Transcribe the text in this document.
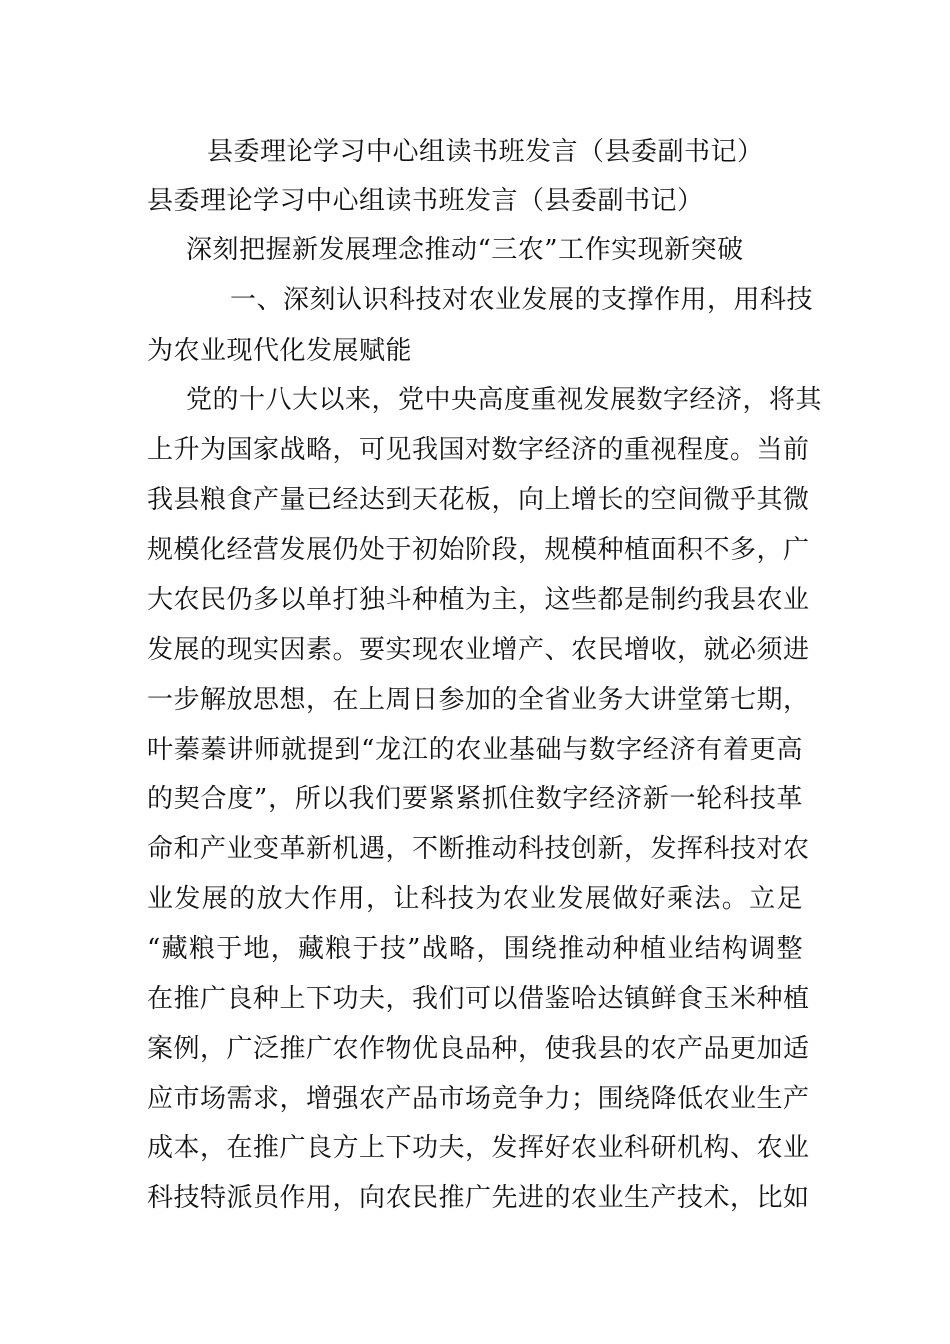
县委理论学习中心组读书班发言（县委副书记）
县委理论学习中心组读书班发言（县委副书记）
深刻把握新发展理念推动“三农”工作实现新突破
一、深刻认识科技对农业发展的支撑作用，用科技
为农业现代化发展赋能
党的十八大以来，党中央高度重视发展数字经济，将其
上升为国家战略，可见我国对数字经济的重视程度。当前
我县粮食产量已经达到天花板，向上增长的空间微乎其微
规模化经营发展仍处于初始阶段，规模种植面积不多，广
大农民仍多以单打独斗种植为主，这些都是制约我县农业
发展的现实因素。要实现农业增产、农民增收，就必须进
一步解放思想，在上周日参加的全省业务大讲堂第七期，
叶蓁蓁讲师就提到“龙江的农业基础与数字经济有着更高
的契合度”，所以我们要紧紧抓住数字经济新一轮科技革
命和产业变革新机遇，不断推动科技创新，发挥科技对农
业发展的放大作用，让科技为农业发展做好乘法。立足
“藏粮于地，藏粮于技”战略，围绕推动种植业结构调整
在推广良种上下功夫，我们可以借鉴哈达镇鲜食玉米种植
案例，广泛推广农作物优良品种，使我县的农产品更加适
应市场需求，增强农产品市场竞争力；围绕降低农业生产
成本，在推广良方上下功夫，发挥好农业科研机构、农业
科技特派员作用，向农民推广先进的农业生产技术，比如
